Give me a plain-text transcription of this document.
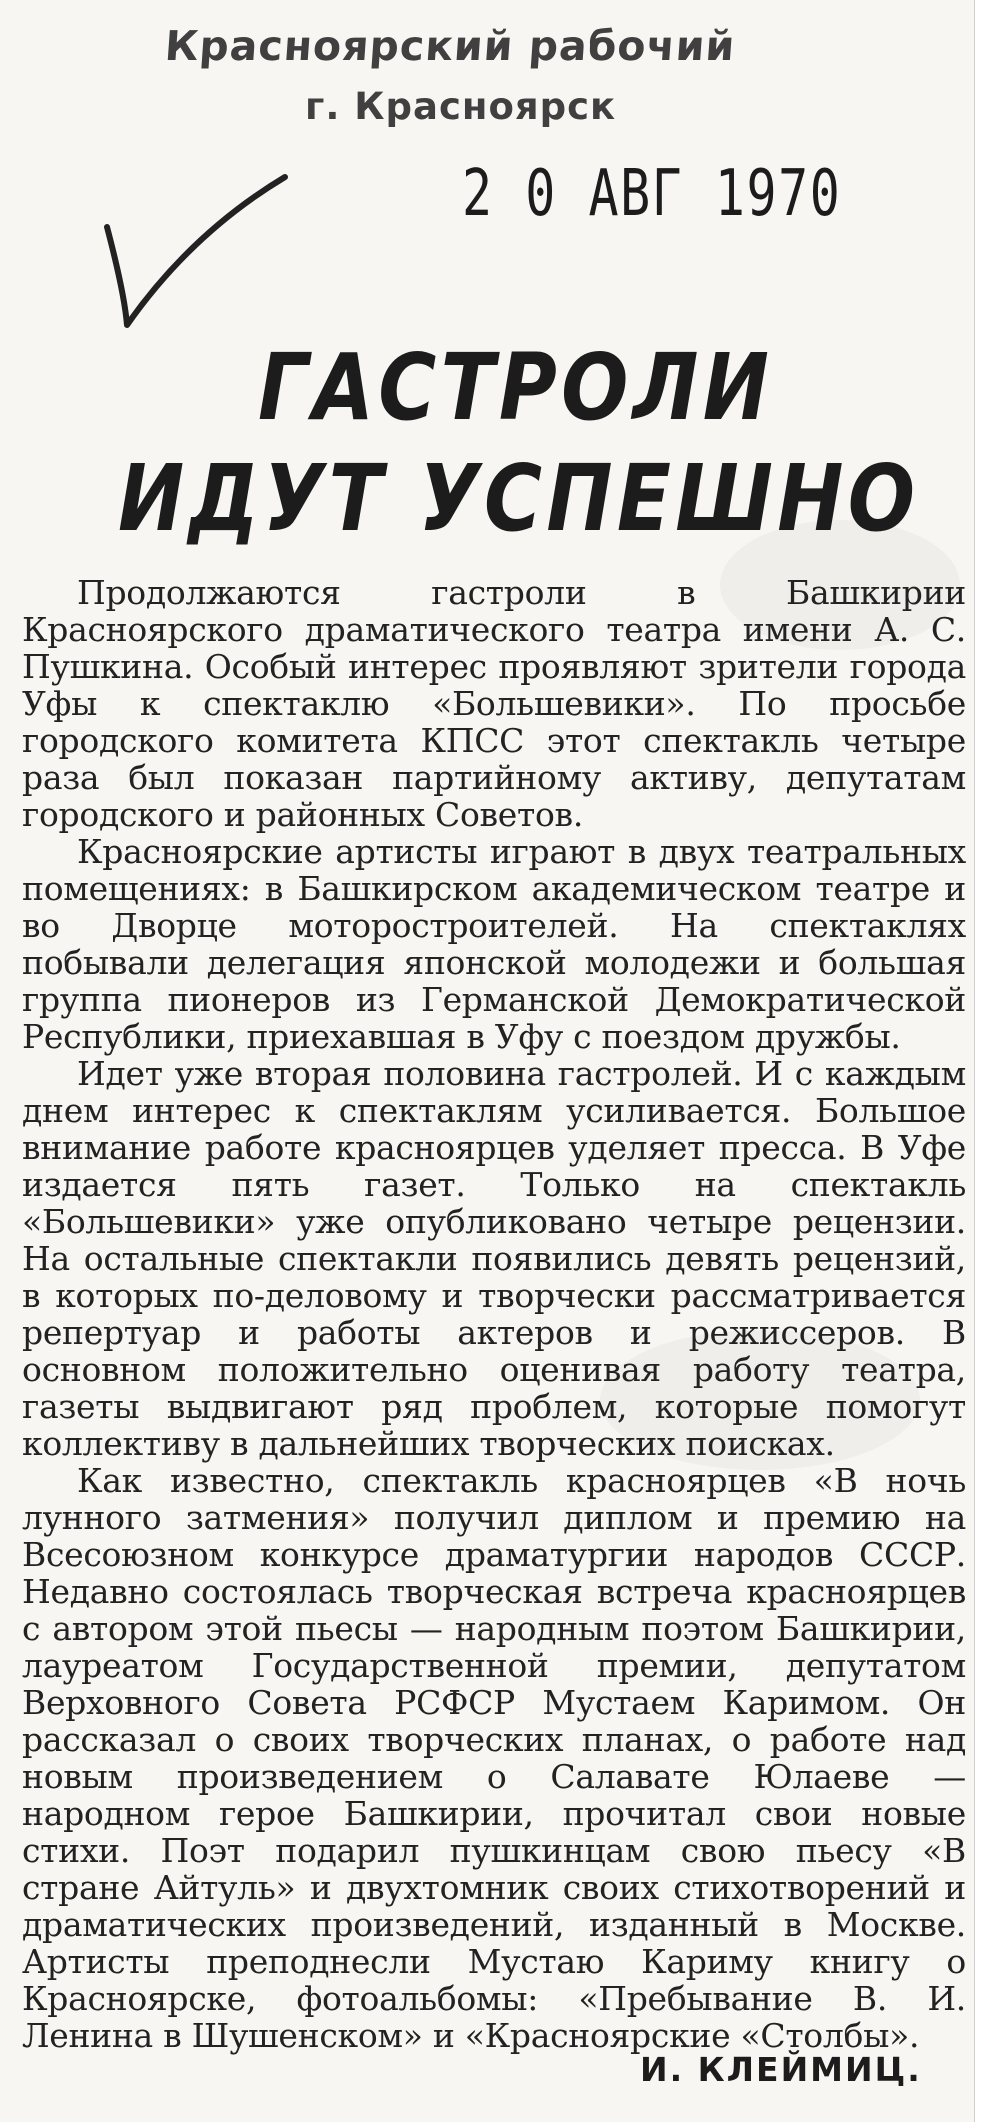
Красноярский рабочий
г. Красноярск
2 0 АВГ 1970
ГАСТРОЛИ
ИДУТ УСПЕШНО

Продолжаются гастроли в Башкирии Красноярского драматического театра имени А. С. Пушкина. Особый интерес проявляют зрители города Уфы к спектаклю «Большевики». По просьбе городского комитета КПСС этот спектакль четыре раза был показан партийному активу, депутатам городского и районных Советов.

Красноярские артисты играют в двух театральных помещениях: в Башкирском академическом театре и во Дворце моторостроителей. На спектаклях побывали делегация японской молодежи и большая группа пионеров из Германской Демократической Республики, приехавшая в Уфу с поездом дружбы.

Идет уже вторая половина гастролей. И с каждым днем интерес к спектаклям усиливается. Большое внимание работе красноярцев уделяет пресса. В Уфе издается пять газет. Только на спектакль «Большевики» уже опубликовано четыре рецензии. На остальные спектакли появились девять рецензий, в которых по-деловому и творчески рассматривается репертуар и работы актеров и режиссеров. В основном положительно оценивая работу театра, газеты выдвигают ряд проблем, которые помогут коллективу в дальнейших творческих поисках.

Как известно, спектакль красноярцев «В ночь лунного затмения» получил диплом и премию на Всесоюзном конкурсе драматургии народов СССР. Недавно состоялась творческая встреча красноярцев с автором этой пьесы — народным поэтом Башкирии, лауреатом Государственной премии, депутатом Верховного Совета РСФСР Мустаем Каримом. Он рассказал о своих творческих планах, о работе над новым произведением о Салавате Юлаеве — народном герое Башкирии, прочитал свои новые стихи. Поэт подарил пушкинцам свою пьесу «В стране Айтуль» и двухтомник своих стихотворений и драматических произведений, изданный в Москве. Артисты преподнесли Мустаю Кариму книгу о Красноярске, фотоальбомы: «Пребывание В. И. Ленина в Шушенском» и «Красноярские «Столбы».

И. КЛЕЙМИЦ.
